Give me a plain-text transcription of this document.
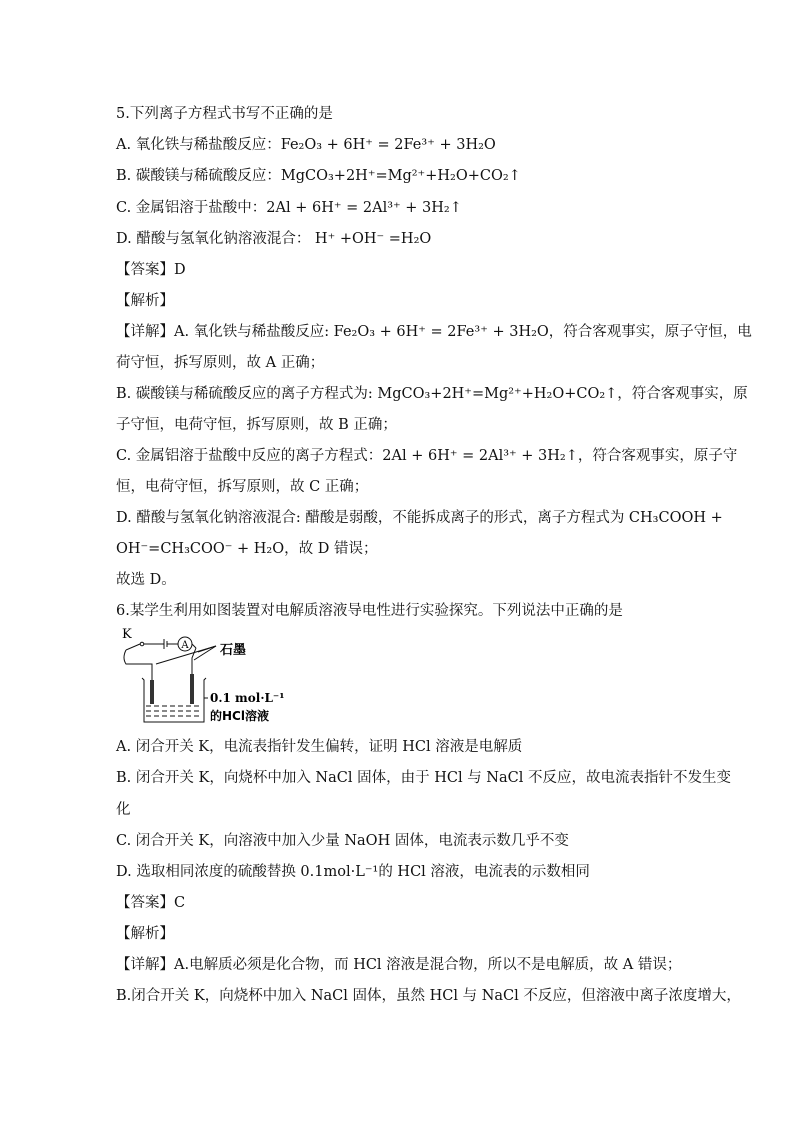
5.下列离子方程式书写不正确的是
A. 氧化铁与稀盐酸反应：Fe₂O₃ + 6H⁺ = 2Fe³⁺ + 3H₂O
B. 碳酸镁与稀硫酸反应：MgCO₃+2H⁺=Mg²⁺+H₂O+CO₂↑
C. 金属铝溶于盐酸中：2Al + 6H⁺ = 2Al³⁺ + 3H₂↑
D. 醋酸与氢氧化钠溶液混合： H⁺ +OH⁻ =H₂O
【答案】D
【解析】
【详解】A. 氧化铁与稀盐酸反应: Fe₂O₃ + 6H⁺ = 2Fe³⁺ + 3H₂O，符合客观事实，原子守恒，电
荷守恒，拆写原则，故 A 正确；
B. 碳酸镁与稀硫酸反应的离子方程式为: MgCO₃+2H⁺=Mg²⁺+H₂O+CO₂↑，符合客观事实，原
子守恒，电荷守恒，拆写原则，故 B 正确；
C. 金属铝溶于盐酸中反应的离子方程式：2Al + 6H⁺ = 2Al³⁺ + 3H₂↑，符合客观事实，原子守
恒，电荷守恒，拆写原则，故 C 正确；
D. 醋酸与氢氧化钠溶液混合: 醋酸是弱酸，不能拆成离子的形式，离子方程式为 CH₃COOH +
OH⁻=CH₃COO⁻ + H₂O，故 D 错误；
故选 D。
6.某学生利用如图装置对电解质溶液导电性进行实验探究。下列说法中正确的是
K
A 石墨
0.1 mol·L⁻¹
的HCl溶液
A. 闭合开关 K，电流表指针发生偏转，证明 HCl 溶液是电解质
B. 闭合开关 K，向烧杯中加入 NaCl 固体，由于 HCl 与 NaCl 不反应，故电流表指针不发生变
化
C. 闭合开关 K，向溶液中加入少量 NaOH 固体，电流表示数几乎不变
D. 选取相同浓度的硫酸替换 0.1mol·L⁻¹的 HCl 溶液，电流表的示数相同
【答案】C
【解析】
【详解】A.电解质必须是化合物，而 HCl 溶液是混合物，所以不是电解质，故 A 错误；
B.闭合开关 K，向烧杯中加入 NaCl 固体，虽然 HCl 与 NaCl 不反应，但溶液中离子浓度增大，
